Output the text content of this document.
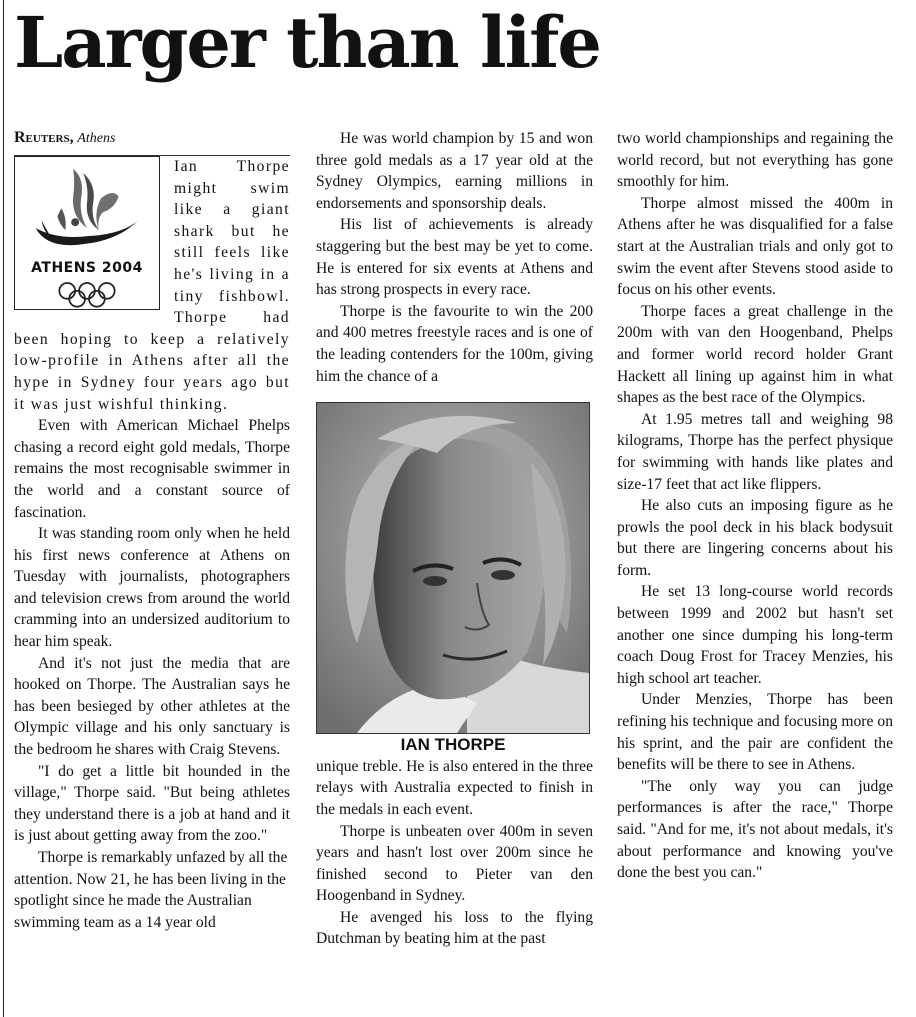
Larger than life

Reuters, Athens

ATHENS 2004

Ian Thorpe might swim like a giant shark but he still feels like he's living in a tiny fishbowl. Thorpe had been hoping to keep a relatively low-profile in Athens after all the hype in Sydney four years ago but it was just wishful thinking.

Even with American Michael Phelps chasing a record eight gold medals, Thorpe remains the most recognisable swimmer in the world and a constant source of fascination.

It was standing room only when he held his first news conference at Athens on Tuesday with journalists, photographers and television crews from around the world cramming into an undersized auditorium to hear him speak.

And it's not just the media that are hooked on Thorpe. The Australian says he has been besieged by other athletes at the Olympic village and his only sanctuary is the bedroom he shares with Craig Stevens.

"I do get a little bit hounded in the village," Thorpe said. "But being athletes they understand there is a job at hand and it is just about getting away from the zoo."

Thorpe is remarkably unfazed by all the attention. Now 21, he has been living in the spotlight since he made the Australian swimming team as a 14 year old

He was world champion by 15 and won three gold medals as a 17 year old at the Sydney Olympics, earning millions in endorsements and sponsorship deals.

His list of achievements is already staggering but the best may be yet to come. He is entered for six events at Athens and has strong prospects in every race.

Thorpe is the favourite to win the 200 and 400 metres freestyle races and is one of the leading contenders for the 100m, giving him the chance of a

IAN THORPE

unique treble. He is also entered in the three relays with Australia expected to finish in the medals in each event.

Thorpe is unbeaten over 400m in seven years and hasn't lost over 200m since he finished second to Pieter van den Hoogenband in Sydney.

He avenged his loss to the flying Dutchman by beating him at the past

two world championships and regaining the world record, but not everything has gone smoothly for him.

Thorpe almost missed the 400m in Athens after he was disqualified for a false start at the Australian trials and only got to swim the event after Stevens stood aside to focus on his other events.

Thorpe faces a great challenge in the 200m with van den Hoogenband, Phelps and former world record holder Grant Hackett all lining up against him in what shapes as the best race of the Olympics.

At 1.95 metres tall and weighing 98 kilograms, Thorpe has the perfect physique for swimming with hands like plates and size-17 feet that act like flippers.

He also cuts an imposing figure as he prowls the pool deck in his black bodysuit but there are lingering concerns about his form.

He set 13 long-course world records between 1999 and 2002 but hasn't set another one since dumping his long-term coach Doug Frost for Tracey Menzies, his high school art teacher.

Under Menzies, Thorpe has been refining his technique and focusing more on his sprint, and the pair are confident the benefits will be there to see in Athens.

"The only way you can judge performances is after the race," Thorpe said. "And for me, it's not about medals, it's about performance and knowing you've done the best you can."
